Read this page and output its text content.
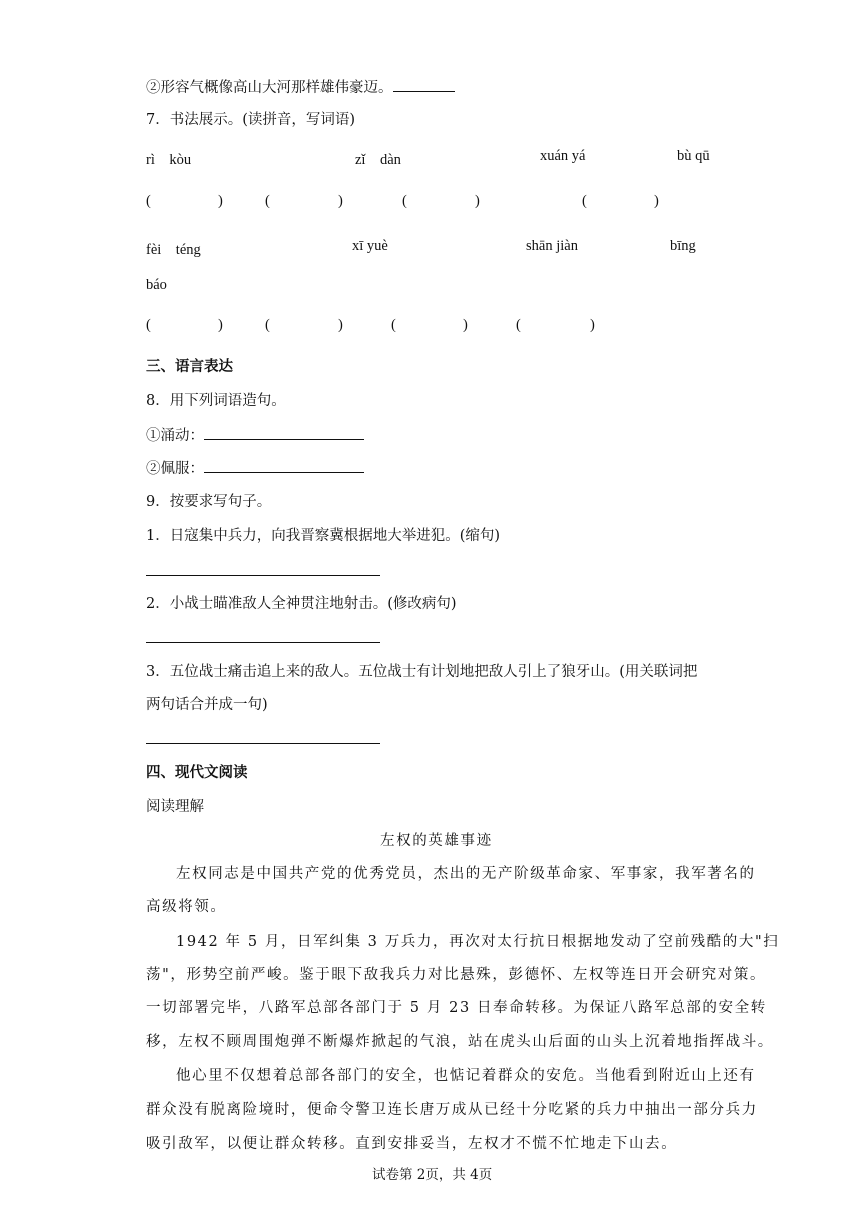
②形容气概像高山大河那样雄伟豪迈。
7．书法展示。(读拼音，写词语)
rì　kòu	zǐ　dàn	xuán yá	bù qū
(	)	(	)	(	)	(	)
fèi　téng	xī yuè	shān jiàn	bīng
báo
(	)	(	)	(	)	(	)
三、语言表达
8．用下列词语造句。
①涌动：
②佩服：
9．按要求写句子。
1．日寇集中兵力，向我晋察冀根据地大举进犯。(缩句)
2．小战士瞄准敌人全神贯注地射击。(修改病句)
3．五位战士痛击追上来的敌人。五位战士有计划地把敌人引上了狼牙山。(用关联词把
两句话合并成一句)
四、现代文阅读
阅读理解
左权的英雄事迹
左权同志是中国共产党的优秀党员，杰出的无产阶级革命家、军事家，我军著名的
高级将领。
1942 年 5 月，日军纠集 3 万兵力，再次对太行抗日根据地发动了空前残酷的大"扫
荡"，形势空前严峻。鉴于眼下敌我兵力对比悬殊，彭德怀、左权等连日开会研究对策。
一切部署完毕，八路军总部各部门于 5 月 23 日奉命转移。为保证八路军总部的安全转
移，左权不顾周围炮弹不断爆炸掀起的气浪，站在虎头山后面的山头上沉着地指挥战斗。
他心里不仅想着总部各部门的安全，也惦记着群众的安危。当他看到附近山上还有
群众没有脱离险境时，便命令警卫连长唐万成从已经十分吃紧的兵力中抽出一部分兵力
吸引敌军，以便让群众转移。直到安排妥当，左权才不慌不忙地走下山去。
试卷第 2页，共 4页
